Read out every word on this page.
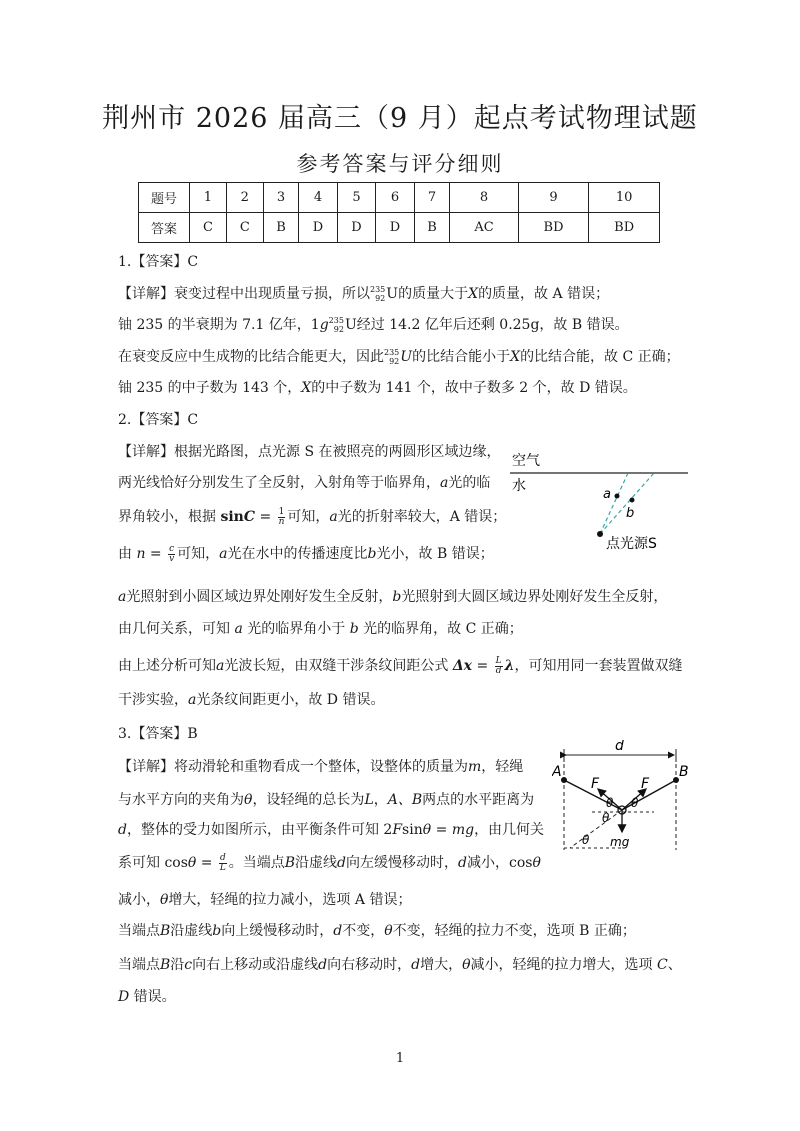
荆州市 2026 届高三（9 月）起点考试物理试题
参考答案与评分细则
题号	1	2	3	4	5	6	7	8	9	10
答案	C	C	B	D	D	D	B	AC	BD	BD
1.【答案】C
【详解】衰变过程中出现质量亏损，所以 235
92 U的质量大于X的质量，故 A 错误；
铀 235 的半衰期为 7.1 亿年，1g 235
92 U经过 14.2 亿年后还剩 0.25g，故 B 错误。
在衰变反应中生成物的比结合能更大，因此 235
92 U的比结合能小于X的比结合能，故 C 正确；
铀 235 的中子数为 143 个，X的中子数为 141 个，故中子数多 2 个，故 D 错误。
2.【答案】C
【详解】根据光路图，点光源 S 在被照亮的两圆形区域边缘，
两光线恰好分别发生了全反射，入射角等于临界角，a光的临
界角较小，根据 $\sin C = \frac{1}{n}$ 可知，a光的折射率较大，A 错误；
由 $n = \frac{c}{v}$ 可知，a光在水中的传播速度比b光小，故 B 错误；
a光照射到小圆区域边界处刚好发生全反射，b光照射到大圆区域边界处刚好发生全反射，
由几何关系，可知 a 光的临界角小于 b 光的临界角，故 C 正确；
由上述分析可知a光波长短，由双缝干涉条纹间距公式 $\Delta x = \frac{L}{d}$ λ，可知用同一套装置做双缝
干涉实验，a光条纹间距更小，故 D 错误。
空气
水
a
b
点光源S
3.【答案】B
【详解】将动滑轮和重物看成一个整体，设整体的质量为m，轻绳
与水平方向的夹角为θ，设轻绳的总长为L，A、B两点的水平距离为
d，整体的受力如图所示，由平衡条件可知 2Fsinθ = mg，由几何关
系可知 $\cos\theta = \frac{d}{L}$ 。当端点B沿虚线d向左缓慢移动时，d减小，cosθ
减小，θ增大，轻绳的拉力减小，选项 A 错误；
当端点B沿虚线b向上缓慢移动时，d不变，θ不变，轻绳的拉力不变，选项 B 正确；
当端点B沿c向右上移动或沿虚线d向右移动时，d增大，θ减小，轻绳的拉力增大，选项 C、
D 错误。
d
A	B
F	F
θ θ
θ
θ mg
1
